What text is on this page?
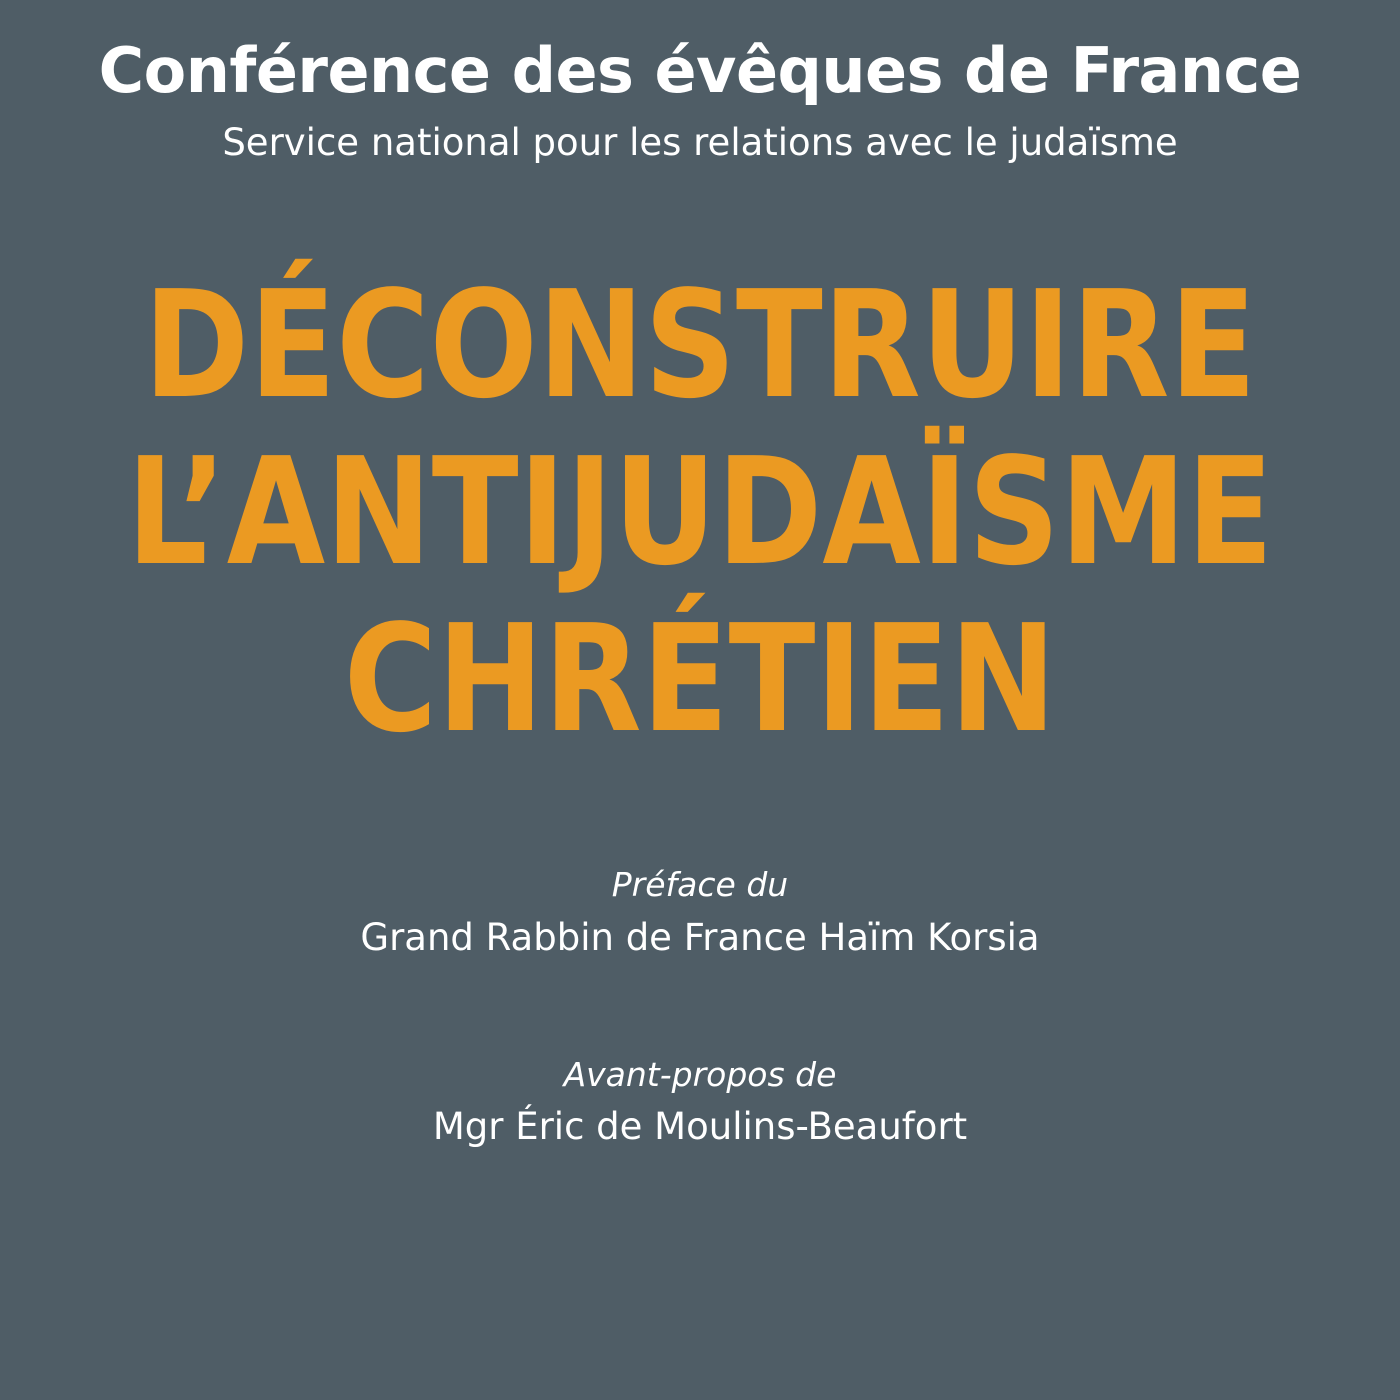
Conférence des évêques de France
Service national pour les relations avec le judaïsme
DÉCONSTRUIRE
L’ANTIJUDAÏSME
CHRÉTIEN
Préface du
Grand Rabbin de France Haïm Korsia
Avant-propos de
Mgr Éric de Moulins-Beaufort
